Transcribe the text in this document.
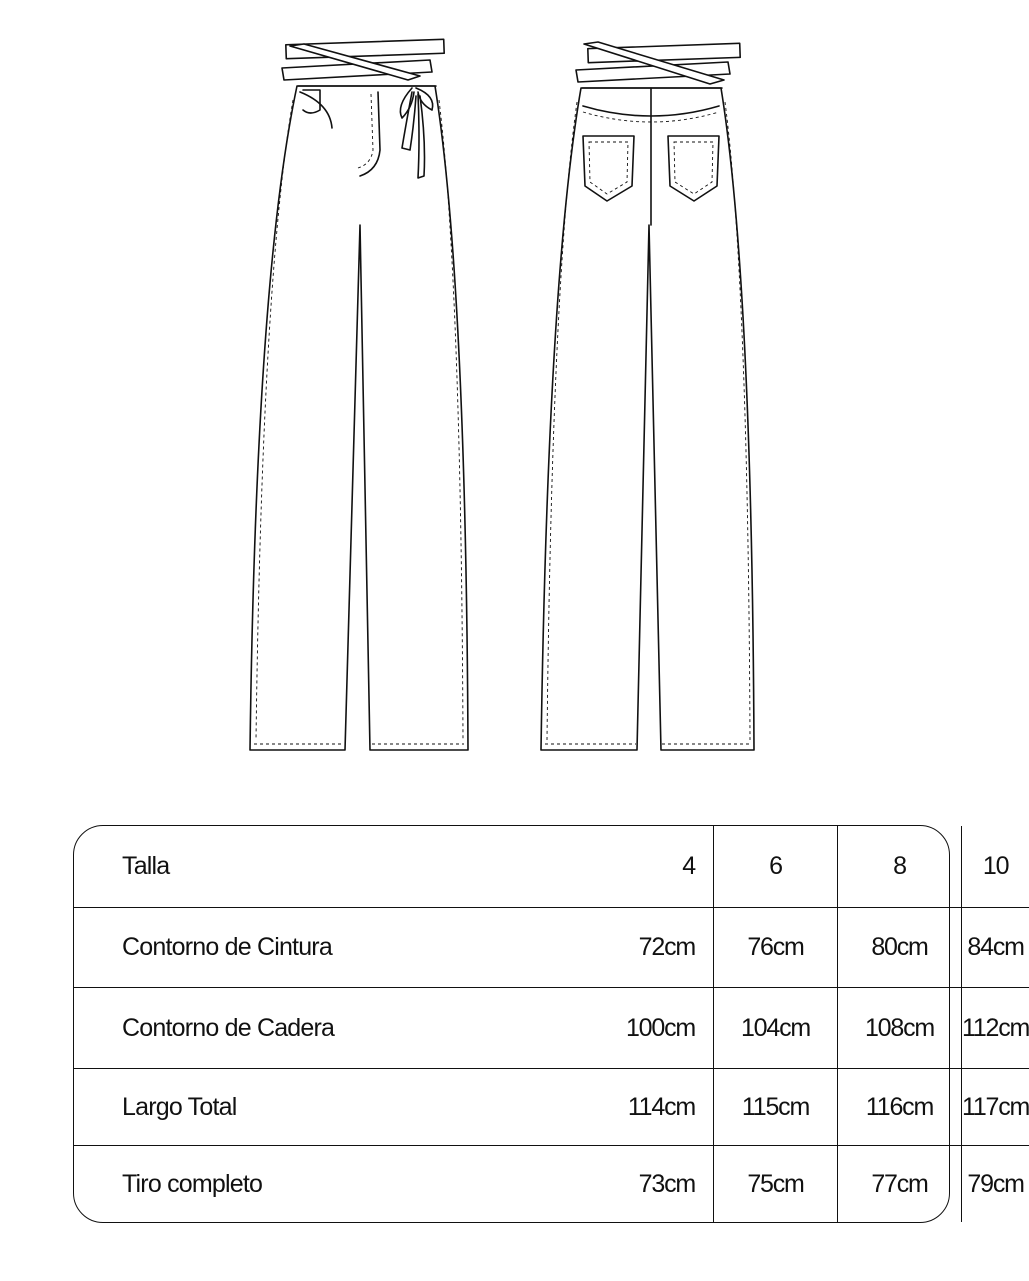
Talla	4	6	8	10
Contorno de Cintura	72cm	76cm	80cm	84cm
Contorno de Cadera	100cm	104cm	108cm	112cm
Largo Total	114cm	115cm	116cm	117cm
Tiro completo	73cm	75cm	77cm	79cm
